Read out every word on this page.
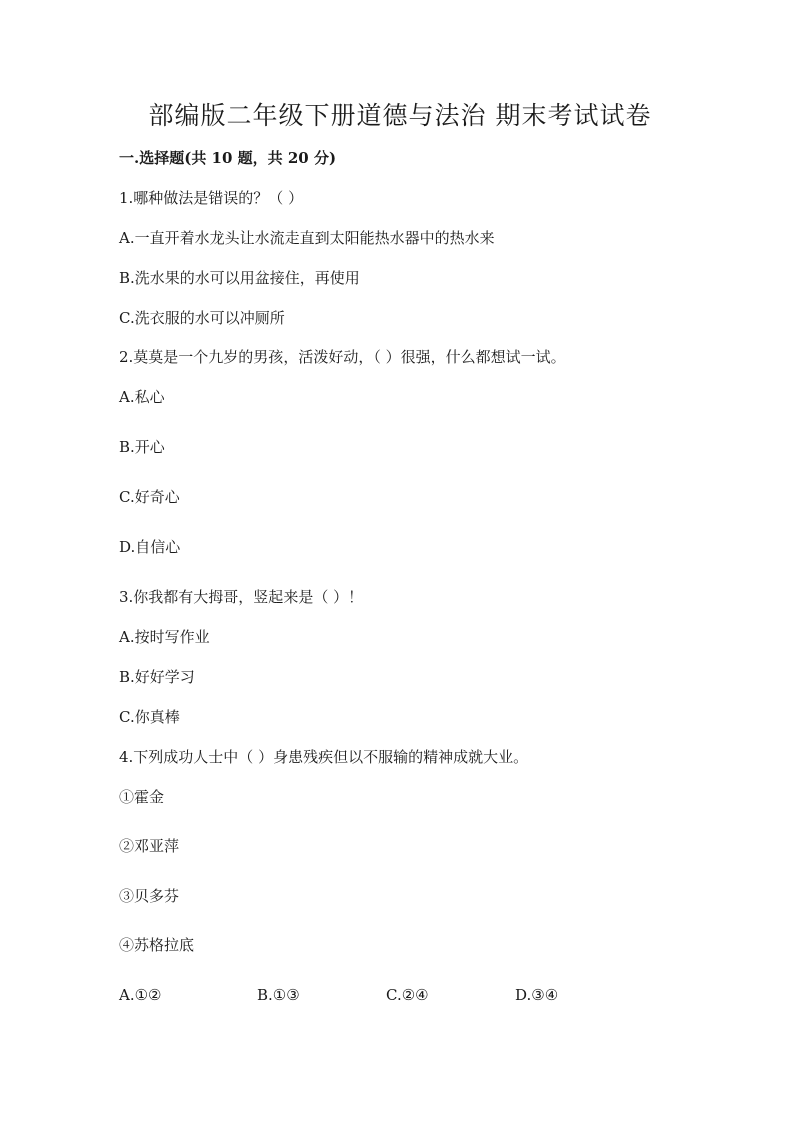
部编版二年级下册道德与法治 期末考试试卷

一.选择题(共 10 题，共 20 分)

1.哪种做法是错误的？（ ）

A.一直开着水龙头让水流走直到太阳能热水器中的热水来

B.洗水果的水可以用盆接住，再使用

C.洗衣服的水可以冲厕所

2.莫莫是一个九岁的男孩，活泼好动，（ ）很强，什么都想试一试。

A.私心

B.开心

C.好奇心

D.自信心

3.你我都有大拇哥，竖起来是（ ）！

A.按时写作业

B.好好学习

C.你真棒

4.下列成功人士中（ ）身患残疾但以不服输的精神成就大业。

①霍金

②邓亚萍

③贝多芬

④苏格拉底

A.①②	B.①③	C.②④	D.③④
